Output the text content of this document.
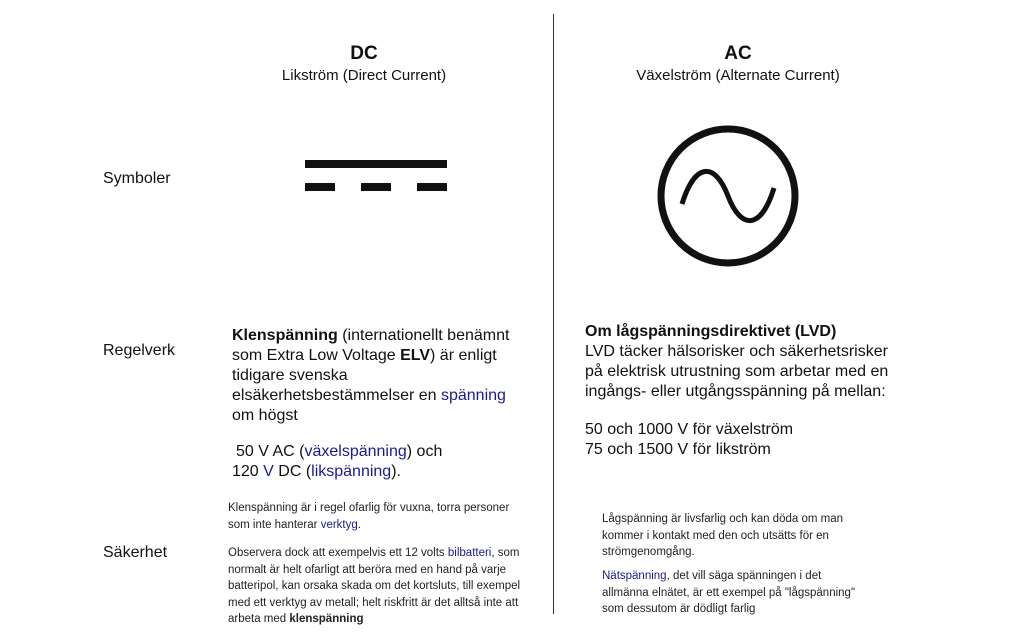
DC
Likström (Direct Current)
AC
Växelström (Alternate Current)
Symboler
Regelverk
Säkerhet
Klenspänning (internationellt benämnt som Extra Low Voltage ELV) är enligt tidigare svenska elsäkerhetsbestämmelser en spänning om högst
50 V AC (växelspänning) och
120 V DC (likspänning).

Om lågspänningsdirektivet (LVD)

LVD täcker hälsorisker och säkerhetsrisker på elektrisk utrustning som arbetar med en ingångs- eller utgångsspänning på mellan:

50 och 1000 V för växelström

75 och 1500 V för likström

Klenspänning är i regel ofarlig för vuxna, torra personer som inte hanterar verktyg.
Observera dock att exempelvis ett 12 volts bilbatteri, som normalt är helt ofarligt att beröra med en hand på varje batteripol, kan orsaka skada om det kortsluts, till exempel med ett verktyg av metall; helt riskfritt är det alltså inte att arbeta med klenspänning
Lågspänning är livsfarlig och kan döda om man kommer i kontakt med den och utsätts för en strömgenomgång.
Nätspänning, det vill säga spänningen i det allmänna elnätet, är ett exempel på "lågspänning" som dessutom är dödligt farlig
